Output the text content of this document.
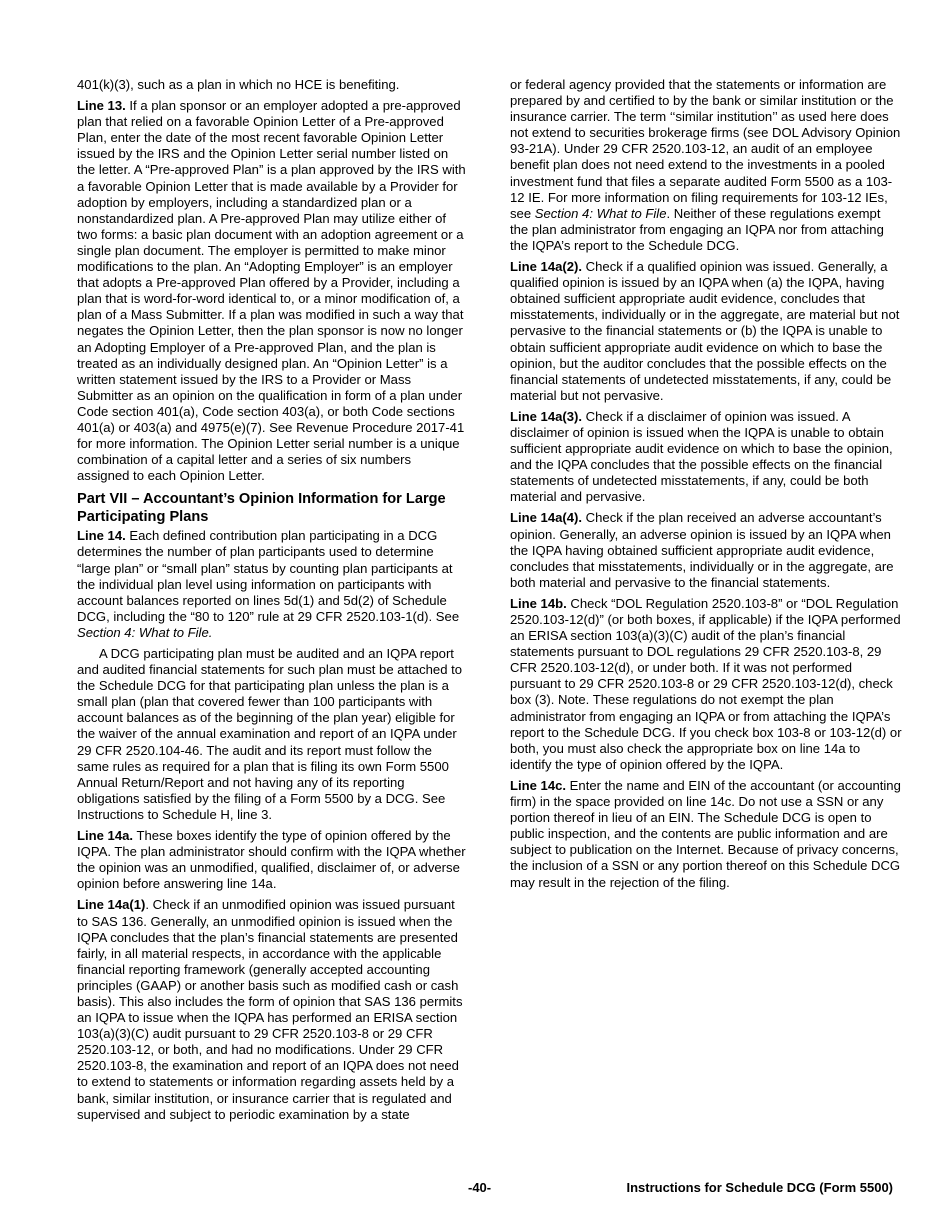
401(k)(3), such as a plan in which no HCE is benefiting.

Line 13. If a plan sponsor or an employer adopted a pre-approved plan that relied on a favorable Opinion Letter of a Pre-approved Plan, enter the date of the most recent favorable Opinion Letter issued by the IRS and the Opinion Letter serial number listed on the letter. A “Pre-approved Plan” is a plan approved by the IRS with a favorable Opinion Letter that is made available by a Provider for adoption by employers, including a standardized plan or a nonstandardized plan. A Pre-approved Plan may utilize either of two forms: a basic plan document with an adoption agreement or a single plan document. The employer is permitted to make minor modifications to the plan. An “Adopting Employer” is an employer that adopts a Pre-approved Plan offered by a Provider, including a plan that is word-for-word identical to, or a minor modification of, a plan of a Mass Submitter. If a plan was modified in such a way that negates the Opinion Letter, then the plan sponsor is now no longer an Adopting Employer of a Pre-approved Plan, and the plan is treated as an individually designed plan. An “Opinion Letter” is a written statement issued by the IRS to a Provider or Mass Submitter as an opinion on the qualification in form of a plan under Code section 401(a), Code section 403(a), or both Code sections 401(a) or 403(a) and 4975(e)(7). See Revenue Procedure 2017-41 for more information. The Opinion Letter serial number is a unique combination of a capital letter and a series of six numbers assigned to each Opinion Letter.

Part VII – Accountant’s Opinion Information for Large Participating Plans

Line 14. Each defined contribution plan participating in a DCG determines the number of plan participants used to determine “large plan” or “small plan” status by counting plan participants at the individual plan level using information on participants with account balances reported on lines 5d(1) and 5d(2) of Schedule DCG, including the “80 to 120” rule at 29 CFR 2520.103-1(d). See Section 4: What to File.

A DCG participating plan must be audited and an IQPA report and audited financial statements for such plan must be attached to the Schedule DCG for that participating plan unless the plan is a small plan (plan that covered fewer than 100 participants with account balances as of the beginning of the plan year) eligible for the waiver of the annual examination and report of an IQPA under 29 CFR 2520.104-46. The audit and its report must follow the same rules as required for a plan that is filing its own Form 5500 Annual Return/Report and not having any of its reporting obligations satisfied by the filing of a Form 5500 by a DCG. See Instructions to Schedule H, line 3.

Line 14a. These boxes identify the type of opinion offered by the IQPA. The plan administrator should confirm with the IQPA whether the opinion was an unmodified, qualified, disclaimer of, or adverse opinion before answering line 14a.

Line 14a(1). Check if an unmodified opinion was issued pursuant to SAS 136. Generally, an unmodified opinion is issued when the IQPA concludes that the plan’s financial statements are presented fairly, in all material respects, in accordance with the applicable financial reporting framework (generally accepted accounting principles (GAAP) or another basis such as modified cash or cash basis). This also includes the form of opinion that SAS 136 permits an IQPA to issue when the IQPA has performed an ERISA section 103(a)(3)(C) audit pursuant to 29 CFR 2520.103-8 or 29 CFR 2520.103-12, or both, and had no modifications. Under 29 CFR 2520.103-8, the examination and report of an IQPA does not need to extend to statements or information regarding assets held by a bank, similar institution, or insurance carrier that is regulated and supervised and subject to periodic examination by a state

or federal agency provided that the statements or information are prepared by and certified to by the bank or similar institution or the insurance carrier. The term ‘‘similar institution’’ as used here does not extend to securities brokerage firms (see DOL Advisory Opinion 93-21A). Under 29 CFR 2520.103-12, an audit of an employee benefit plan does not need extend to the investments in a pooled investment fund that files a separate audited Form 5500 as a 103-12 IE. For more information on filing requirements for 103-12 IEs, see Section 4: What to File. Neither of these regulations exempt the plan administrator from engaging an IQPA nor from attaching the IQPA’s report to the Schedule DCG.

Line 14a(2). Check if a qualified opinion was issued. Generally, a qualified opinion is issued by an IQPA when (a) the IQPA, having obtained sufficient appropriate audit evidence, concludes that misstatements, individually or in the aggregate, are material but not pervasive to the financial statements or (b) the IQPA is unable to obtain sufficient appropriate audit evidence on which to base the opinion, but the auditor concludes that the possible effects on the financial statements of undetected misstatements, if any, could be material but not pervasive.

Line 14a(3). Check if a disclaimer of opinion was issued. A disclaimer of opinion is issued when the IQPA is unable to obtain sufficient appropriate audit evidence on which to base the opinion, and the IQPA concludes that the possible effects on the financial statements of undetected misstatements, if any, could be both material and pervasive.

Line 14a(4). Check if the plan received an adverse accountant’s opinion. Generally, an adverse opinion is issued by an IQPA when the IQPA having obtained sufficient appropriate audit evidence, concludes that misstatements, individually or in the aggregate, are both material and pervasive to the financial statements.

Line 14b. Check “DOL Regulation 2520.103-8” or “DOL Regulation 2520.103-12(d)” (or both boxes, if applicable) if the IQPA performed an ERISA section 103(a)(3)(C) audit of the plan’s financial statements pursuant to DOL regulations 29 CFR 2520.103-8, 29 CFR 2520.103-12(d), or under both. If it was not performed pursuant to 29 CFR 2520.103-8 or 29 CFR 2520.103-12(d), check box (3). Note. These regulations do not exempt the plan administrator from engaging an IQPA or from attaching the IQPA’s report to the Schedule DCG. If you check box 103-8 or 103-12(d) or both, you must also check the appropriate box on line 14a to identify the type of opinion offered by the IQPA.

Line 14c. Enter the name and EIN of the accountant (or accounting firm) in the space provided on line 14c. Do not use a SSN or any portion thereof in lieu of an EIN. The Schedule DCG is open to public inspection, and the contents are public information and are subject to publication on the Internet. Because of privacy concerns, the inclusion of a SSN or any portion thereof on this Schedule DCG may result in the rejection of the filing.

-40-	Instructions for Schedule DCG (Form 5500)
